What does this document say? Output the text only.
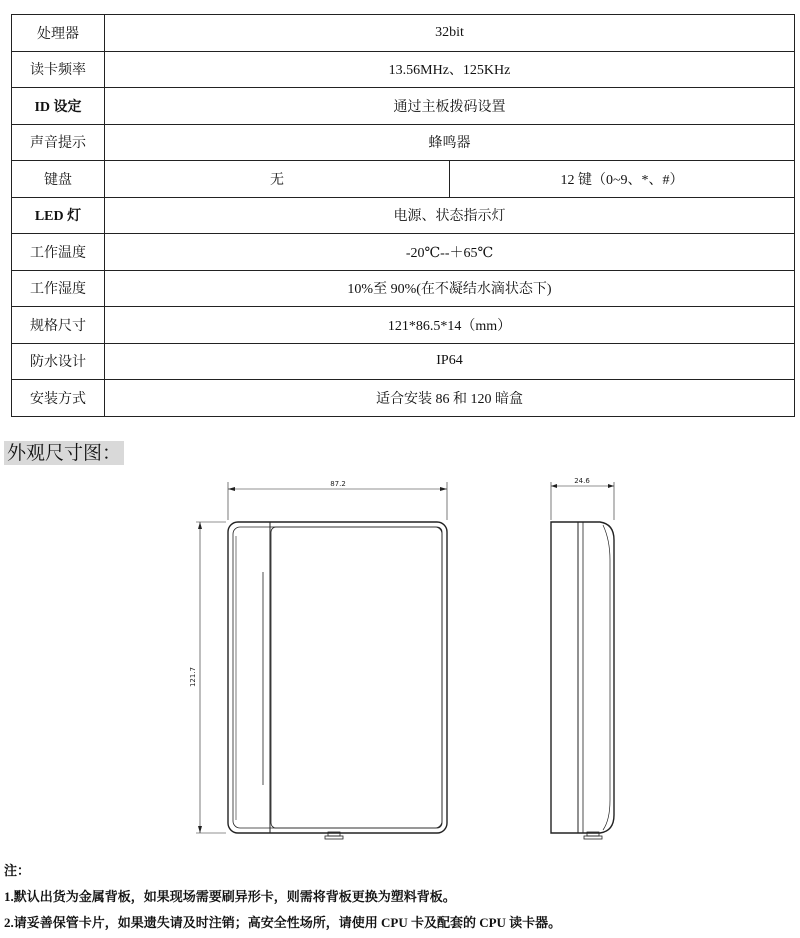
处理器	32bit	
读卡频率	13.56MHz、125KHz	
ID 设定	通过主板拨码设置	
声音提示	蜂鸣器	
键盘	无	12 键（0~9、*、#）
LED 灯	电源、状态指示灯	
工作温度	-20℃--＋65℃	
工作湿度	10%至 90%(在不凝结水滴状态下)	
规格尺寸	121*86.5*14（mm）	
防水设计	IP64	
安装方式	适合安装 86 和 120 暗盒	
外观尺寸图：
87.2
121.7
24.6
注：
1.默认出货为金属背板，如果现场需要刷异形卡，则需将背板更换为塑料背板。
2.请妥善保管卡片，如果遗失请及时注销；高安全性场所，请使用 CPU 卡及配套的 CPU 读卡器。
